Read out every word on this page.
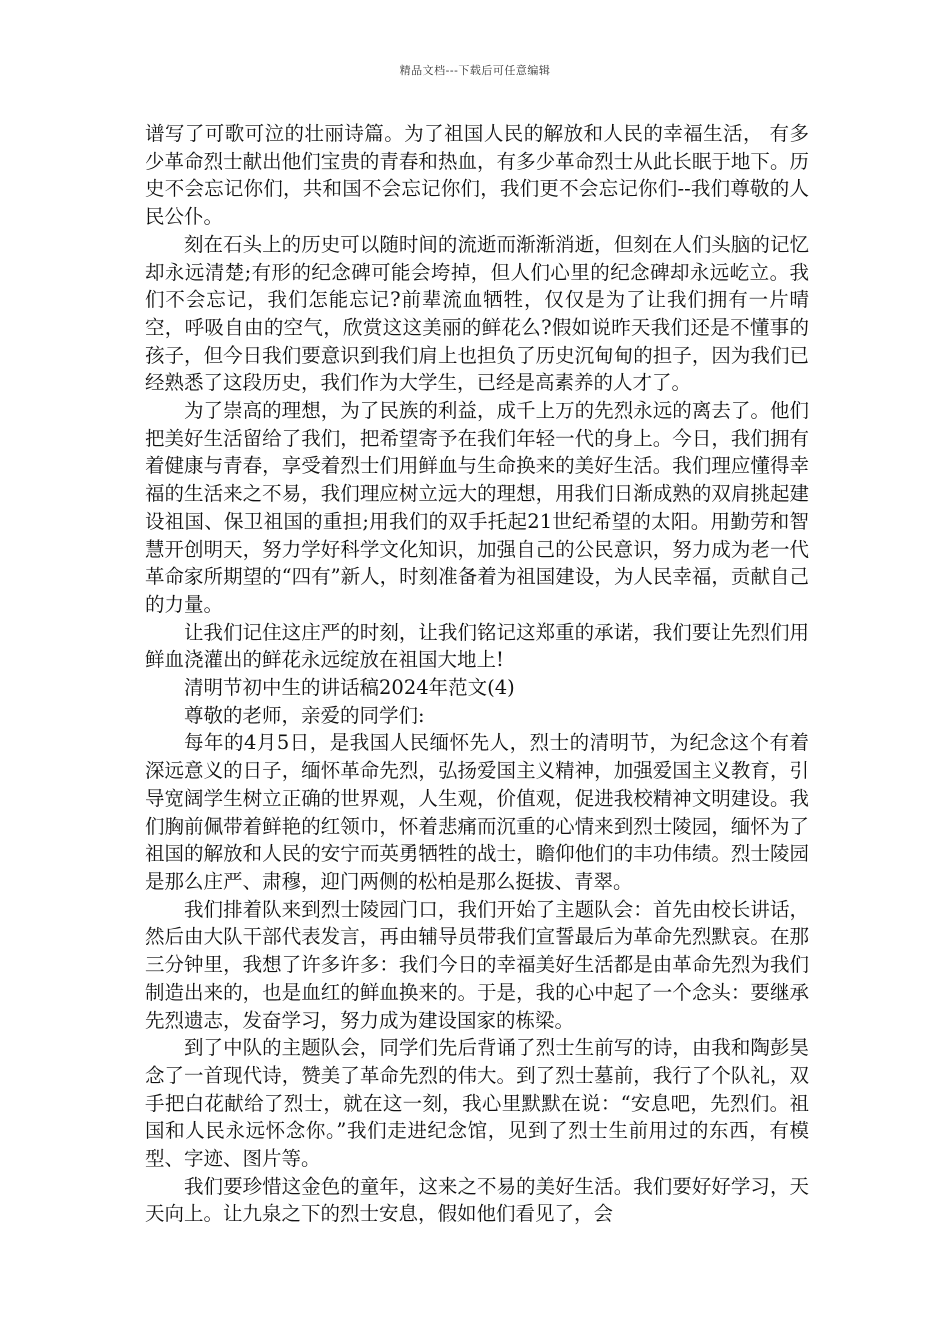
精品文档---下载后可任意编辑

谱写了可歌可泣的壮丽诗篇。为了祖国人民的解放和人民的幸福生活， 有多少革命烈士献出他们宝贵的青春和热血，有多少革命烈士从此长眠于地下。历史不会忘记你们，共和国不会忘记你们，我们更不会忘记你们--我们尊敬的人民公仆。

刻在石头上的历史可以随时间的流逝而渐渐消逝，但刻在人们头脑的记忆却永远清楚;有形的纪念碑可能会垮掉，但人们心里的纪念碑却永远屹立。我们不会忘记，我们怎能忘记?前辈流血牺牲，仅仅是为了让我们拥有一片晴空，呼吸自由的空气，欣赏这这美丽的鲜花么?假如说昨天我们还是不懂事的孩子，但今日我们要意识到我们肩上也担负了历史沉甸甸的担子，因为我们已经熟悉了这段历史，我们作为大学生，已经是高素养的人才了。

为了崇高的理想，为了民族的利益，成千上万的先烈永远的离去了。他们把美好生活留给了我们，把希望寄予在我们年轻一代的身上。今日，我们拥有着健康与青春，享受着烈士们用鲜血与生命换来的美好生活。我们理应懂得幸福的生活来之不易，我们理应树立远大的理想，用我们日渐成熟的双肩挑起建设祖国、保卫祖国的重担;用我们的双手托起21世纪希望的太阳。用勤劳和智慧开创明天，努力学好科学文化知识，加强自己的公民意识，努力成为老一代革命家所期望的“四有”新人，时刻准备着为祖国建设，为人民幸福，贡献自己的力量。

让我们记住这庄严的时刻，让我们铭记这郑重的承诺，我们要让先烈们用鲜血浇灌出的鲜花永远绽放在祖国大地上!

清明节初中生的讲话稿2024年范文(4)

尊敬的老师，亲爱的同学们:

每年的4月5日，是我国人民缅怀先人，烈士的清明节，为纪念这个有着深远意义的日子，缅怀革命先烈，弘扬爱国主义精神，加强爱国主义教育，引导宽阔学生树立正确的世界观，人生观，价值观，促进我校精神文明建设。我们胸前佩带着鲜艳的红领巾，怀着悲痛而沉重的心情来到烈士陵园，缅怀为了祖国的解放和人民的安宁而英勇牺牲的战士，瞻仰他们的丰功伟绩。烈士陵园是那么庄严、肃穆，迎门两侧的松柏是那么挺拔、青翠。

我们排着队来到烈士陵园门口，我们开始了主题队会：首先由校长讲话，然后由大队干部代表发言，再由辅导员带我们宣誓最后为革命先烈默哀。在那三分钟里，我想了许多许多：我们今日的幸福美好生活都是由革命先烈为我们制造出来的，也是血红的鲜血换来的。于是，我的心中起了一个念头：要继承先烈遗志，发奋学习，努力成为建设国家的栋梁。

到了中队的主题队会，同学们先后背诵了烈士生前写的诗，由我和陶彭昊念了一首现代诗，赞美了革命先烈的伟大。到了烈士墓前，我行了个队礼，双手把白花献给了烈士，就在这一刻，我心里默默在说：“安息吧，先烈们。祖国和人民永远怀念你。”我们走进纪念馆，见到了烈士生前用过的东西，有模型、字迹、图片等。

我们要珍惜这金色的童年，这来之不易的美好生活。我们要好好学习，天天向上。让九泉之下的烈士安息，假如他们看见了，会
